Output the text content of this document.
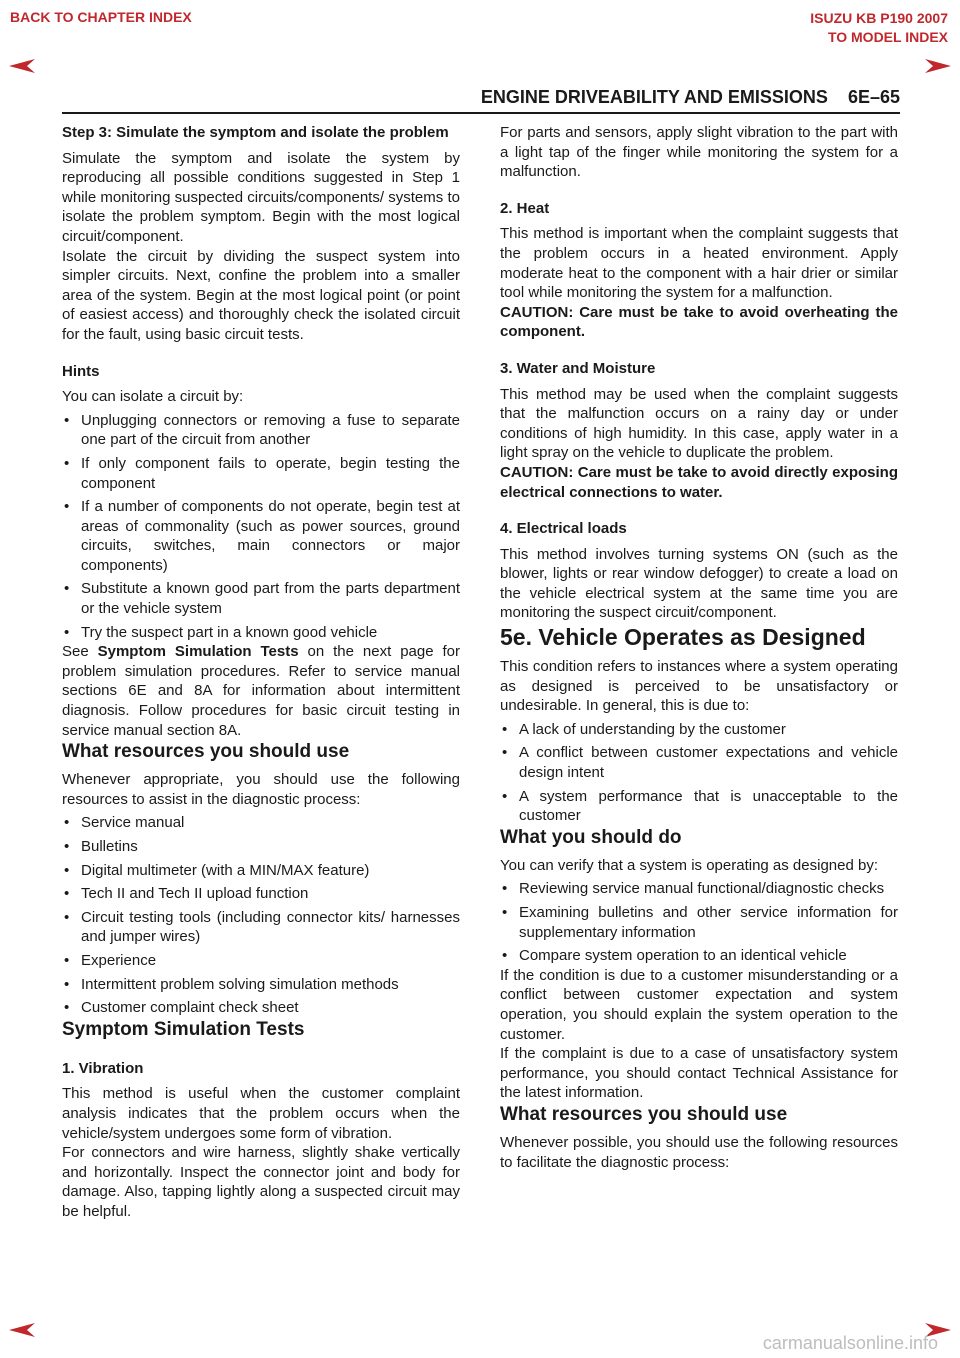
BACK TO CHAPTER INDEX	ISUZU KB P190 2007
TO MODEL INDEX
ENGINE DRIVEABILITY AND EMISSIONS 6E–65

Step 3: Simulate the symptom and isolate the problem

Simulate the symptom and isolate the system by reproducing all possible conditions suggested in Step 1 while monitoring suspected circuits/components/ systems to isolate the problem symptom. Begin with the most logical circuit/component.

Isolate the circuit by dividing the suspect system into simpler circuits. Next, confine the problem into a smaller area of the system. Begin at the most logical point (or point of easiest access) and thoroughly check the isolated circuit for the fault, using basic circuit tests.

Hints

You can isolate a circuit by:

• Unplugging connectors or removing a fuse to separate one part of the circuit from another
• If only component fails to operate, begin testing the component
• If a number of components do not operate, begin test at areas of commonality (such as power sources, ground circuits, switches, main connectors or major components)
• Substitute a known good part from the parts department or the vehicle system
• Try the suspect part in a known good vehicle

See Symptom Simulation Tests on the next page for problem simulation procedures. Refer to service manual sections 6E and 8A for information about intermittent diagnosis. Follow procedures for basic circuit testing in service manual section 8A.

What resources you should use

Whenever appropriate, you should use the following resources to assist in the diagnostic process:

• Service manual
• Bulletins
• Digital multimeter (with a MIN/MAX feature)
• Tech II and Tech II upload function
• Circuit testing tools (including connector kits/ harnesses and jumper wires)
• Experience
• Intermittent problem solving simulation methods
• Customer complaint check sheet

Symptom Simulation Tests

1. Vibration

This method is useful when the customer complaint analysis indicates that the problem occurs when the vehicle/system undergoes some form of vibration.

For connectors and wire harness, slightly shake vertically and horizontally. Inspect the connector joint and body for damage. Also, tapping lightly along a suspected circuit may be helpful.

For parts and sensors, apply slight vibration to the part with a light tap of the finger while monitoring the system for a malfunction.

2. Heat

This method is important when the complaint suggests that the problem occurs in a heated environment. Apply moderate heat to the component with a hair drier or similar tool while monitoring the system for a malfunction.

CAUTION: Care must be take to avoid overheating the component.

3. Water and Moisture

This method may be used when the complaint suggests that the malfunction occurs on a rainy day or under conditions of high humidity. In this case, apply water in a light spray on the vehicle to duplicate the problem.

CAUTION: Care must be take to avoid directly exposing electrical connections to water.

4. Electrical loads

This method involves turning systems ON (such as the blower, lights or rear window defogger) to create a load on the vehicle electrical system at the same time you are monitoring the suspect circuit/component.

5e. Vehicle Operates as Designed

This condition refers to instances where a system operating as designed is perceived to be unsatisfactory or undesirable. In general, this is due to:

• A lack of understanding by the customer
• A conflict between customer expectations and vehicle design intent
• A system performance that is unacceptable to the customer

What you should do

You can verify that a system is operating as designed by:

• Reviewing service manual functional/diagnostic checks
• Examining bulletins and other service information for supplementary information
• Compare system operation to an identical vehicle

If the condition is due to a customer misunderstanding or a conflict between customer expectation and system operation, you should explain the system operation to the customer.

If the complaint is due to a case of unsatisfactory system performance, you should contact Technical Assistance for the latest information.

What resources you should use

Whenever possible, you should use the following resources to facilitate the diagnostic process:

carmanualsonline.info
